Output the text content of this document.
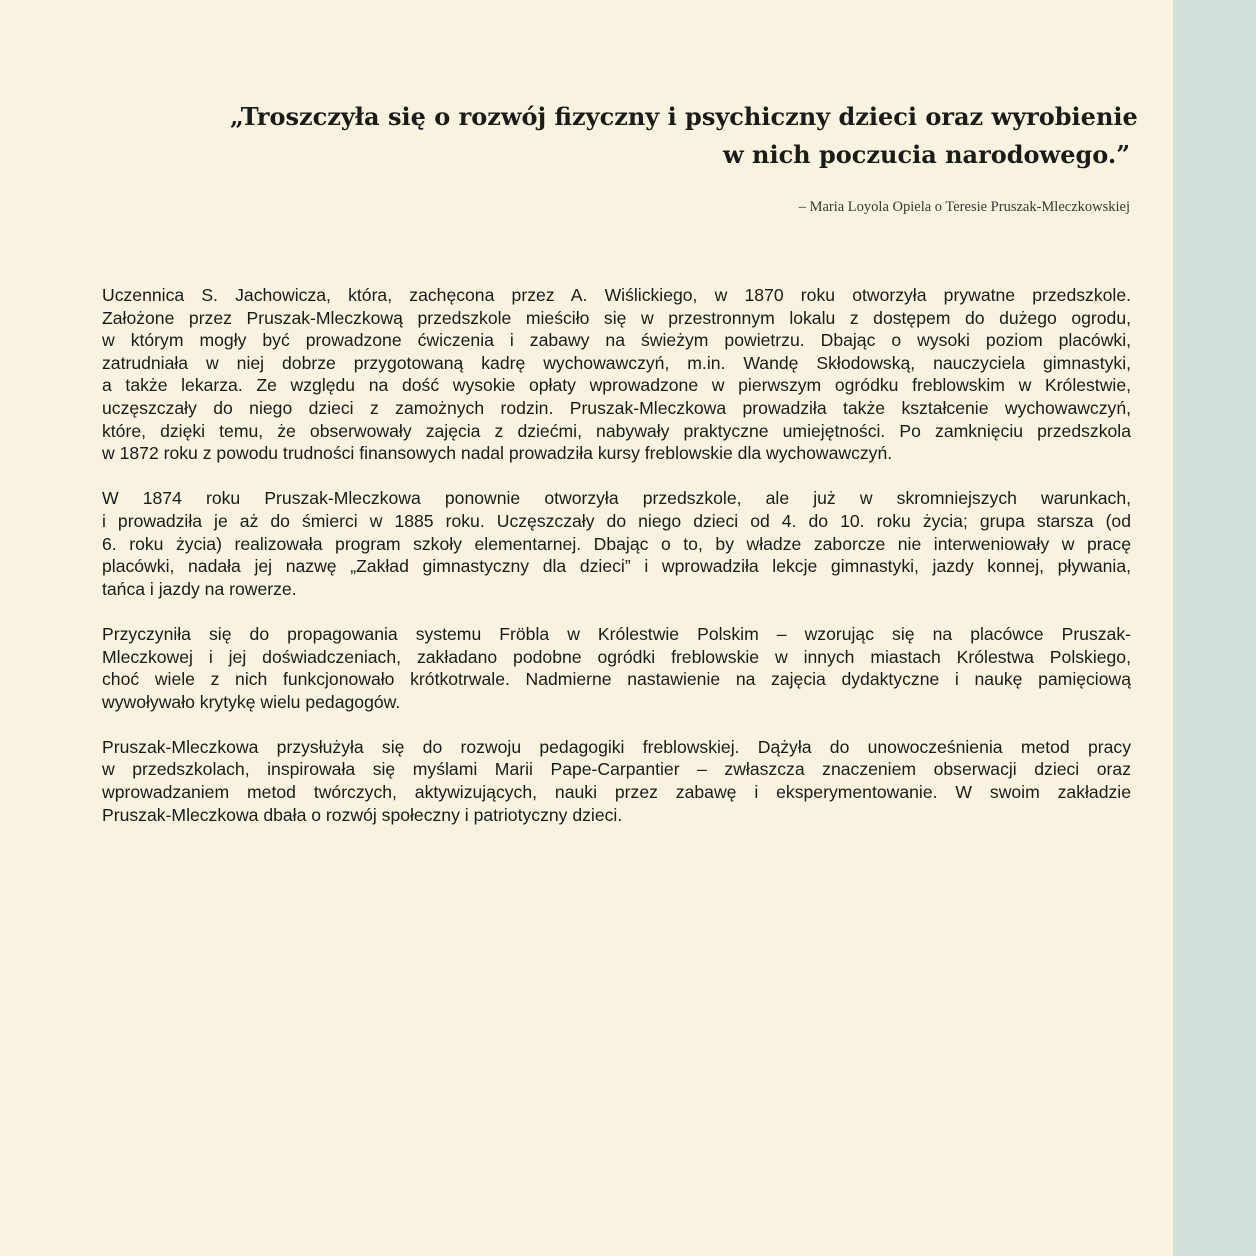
„Troszczyła się o rozwój fizyczny i psychiczny dzieci oraz wyrobienie
w nich poczucia narodowego.”

– Maria Loyola Opiela o Teresie Pruszak-Mleczkowskiej

Uczennica S. Jachowicza, która, zachęcona przez A. Wiślickiego, w 1870 roku otworzyła prywatne przedszkole.
Założone przez Pruszak-Mleczkową przedszkole mieściło się w przestronnym lokalu z dostępem do dużego ogrodu,
w którym mogły być prowadzone ćwiczenia i zabawy na świeżym powietrzu. Dbając o wysoki poziom placówki,
zatrudniała w niej dobrze przygotowaną kadrę wychowawczyń, m.in. Wandę Skłodowską, nauczyciela gimnastyki,
a także lekarza. Ze względu na dość wysokie opłaty wprowadzone w pierwszym ogródku freblowskim w Królestwie,
uczęszczały do niego dzieci z zamożnych rodzin. Pruszak-Mleczkowa prowadziła także kształcenie wychowawczyń,
które, dzięki temu, że obserwowały zajęcia z dziećmi, nabywały praktyczne umiejętności. Po zamknięciu przedszkola
w 1872 roku z powodu trudności finansowych nadal prowadziła kursy freblowskie dla wychowawczyń.

W 1874 roku Pruszak-Mleczkowa ponownie otworzyła przedszkole, ale już w skromniejszych warunkach,
i prowadziła je aż do śmierci w 1885 roku. Uczęszczały do niego dzieci od 4. do 10. roku życia; grupa starsza (od
6. roku życia) realizowała program szkoły elementarnej. Dbając o to, by władze zaborcze nie interweniowały w pracę
placówki, nadała jej nazwę „Zakład gimnastyczny dla dzieci” i wprowadziła lekcje gimnastyki, jazdy konnej, pływania,
tańca i jazdy na rowerze.

Przyczyniła się do propagowania systemu Fröbla w Królestwie Polskim – wzorując się na placówce Pruszak-
Mleczkowej i jej doświadczeniach, zakładano podobne ogródki freblowskie w innych miastach Królestwa Polskiego,
choć wiele z nich funkcjonowało krótkotrwale. Nadmierne nastawienie na zajęcia dydaktyczne i naukę pamięciową
wywoływało krytykę wielu pedagogów.

Pruszak-Mleczkowa przysłużyła się do rozwoju pedagogiki freblowskiej. Dążyła do unowocześnienia metod pracy
w przedszkolach, inspirowała się myślami Marii Pape-Carpantier – zwłaszcza znaczeniem obserwacji dzieci oraz
wprowadzaniem metod twórczych, aktywizujących, nauki przez zabawę i eksperymentowanie. W swoim zakładzie
Pruszak-Mleczkowa dbała o rozwój społeczny i patriotyczny dzieci.
